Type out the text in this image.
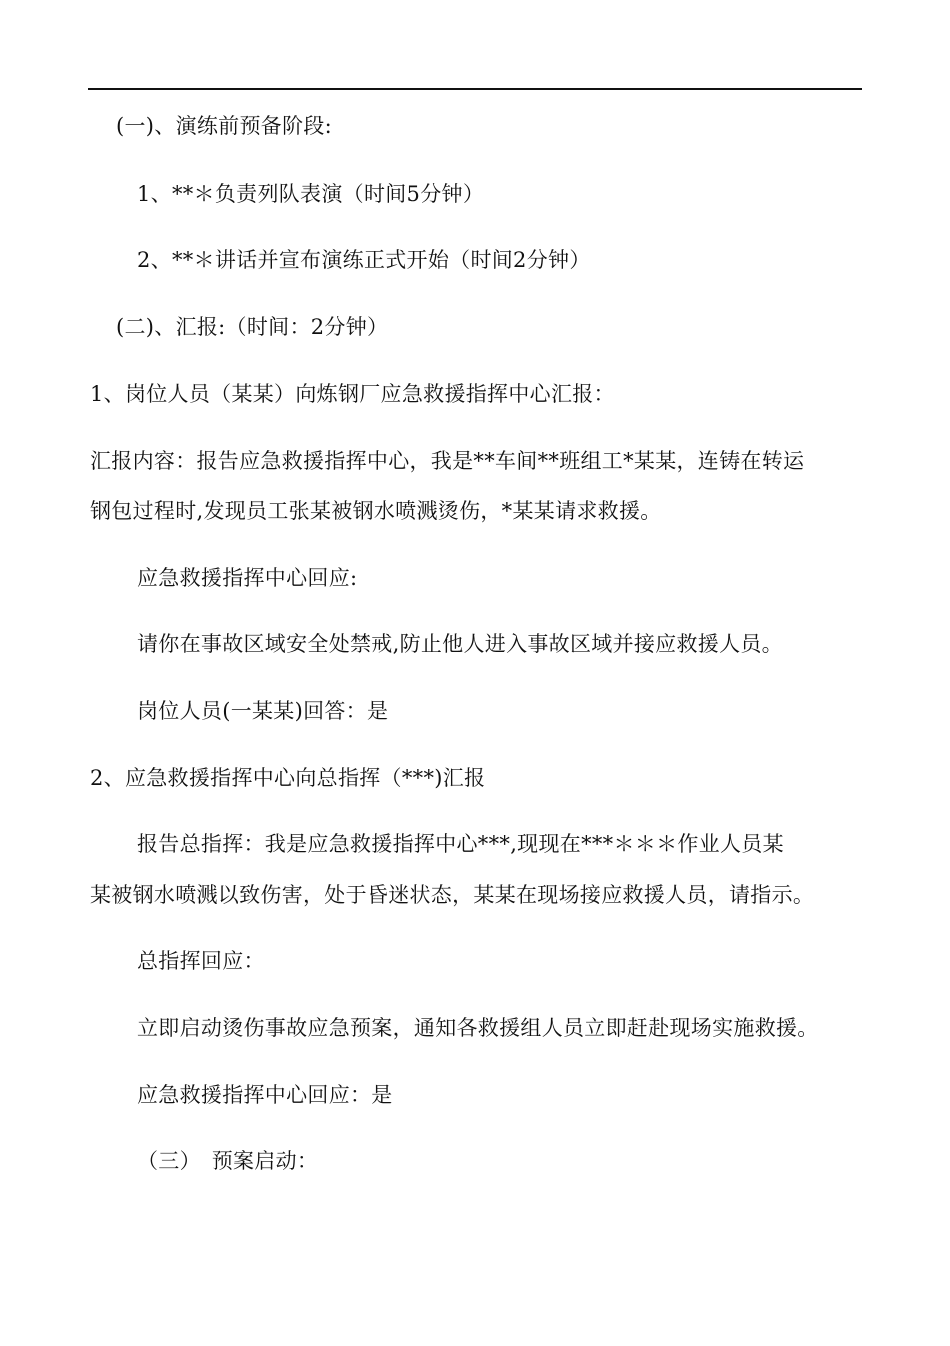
(一)、演练前预备阶段:
1、**＊负责列队表演（时间5分钟）
2、**＊讲话并宣布演练正式开始（时间2分钟）
(二)、汇报:（时间：2分钟）
1、岗位人员（某某）向炼钢厂应急救援指挥中心汇报：
汇报内容：报告应急救援指挥中心，我是**车间**班组工*某某，连铸在转运
钢包过程时,发现员工张某被钢水喷溅烫伤，*某某请求救援。
应急救援指挥中心回应:
请你在事故区域安全处禁戒,防止他人进入事故区域并接应救援人员。
岗位人员(一某某)回答：是
2、应急救援指挥中心向总指挥（***)汇报
报告总指挥：我是应急救援指挥中心***,现现在***＊＊＊作业人员某
某被钢水喷溅以致伤害，处于昏迷状态，某某在现场接应救援人员，请指示。
总指挥回应：
立即启动烫伤事故应急预案，通知各救援组人员立即赶赴现场实施救援。
应急救援指挥中心回应：是
（三）　预案启动：
